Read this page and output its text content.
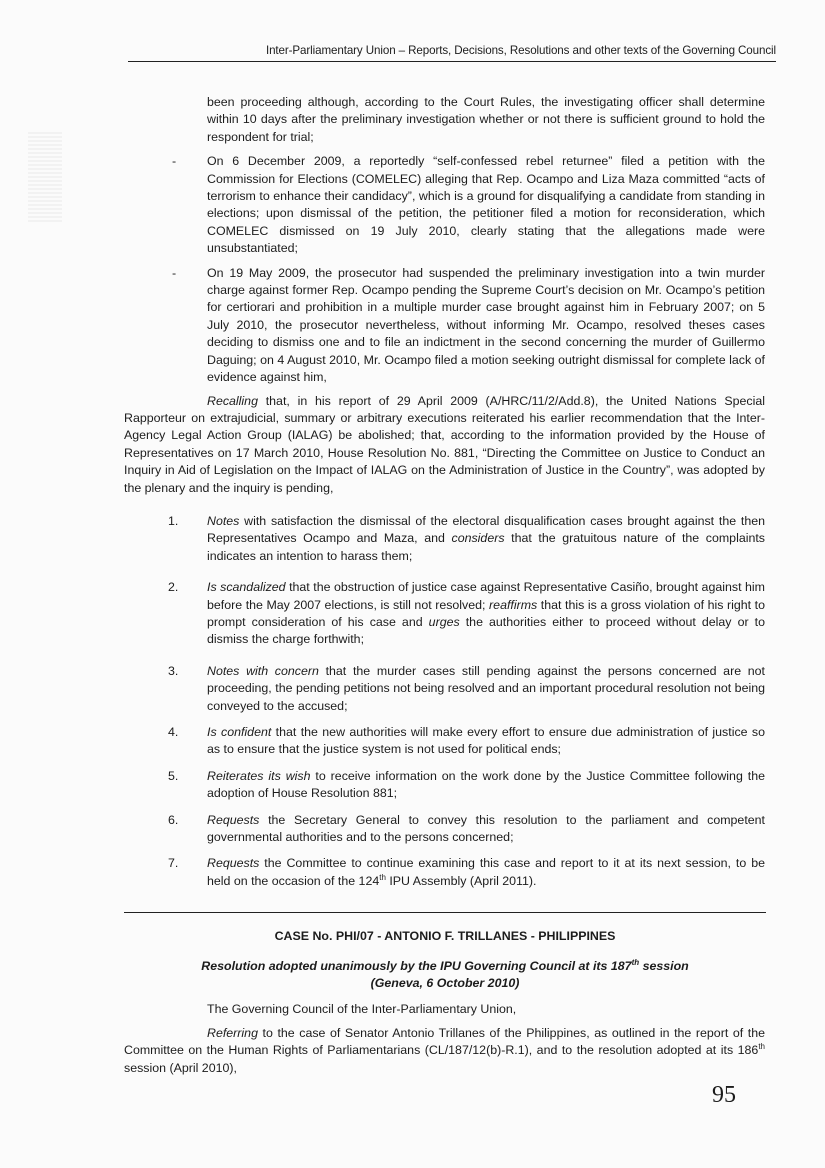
Inter-Parliamentary Union – Reports, Decisions, Resolutions and other texts of the Governing Council

been proceeding although, according to the Court Rules, the investigating officer shall determine within 10 days after the preliminary investigation whether or not there is sufficient ground to hold the respondent for trial;

- On 6 December 2009, a reportedly “self-confessed rebel returnee” filed a petition with the Commission for Elections (COMELEC) alleging that Rep. Ocampo and Liza Maza committed “acts of terrorism to enhance their candidacy”, which is a ground for disqualifying a candidate from standing in elections; upon dismissal of the petition, the petitioner filed a motion for reconsideration, which COMELEC dismissed on 19 July 2010, clearly stating that the allegations made were unsubstantiated;

- On 19 May 2009, the prosecutor had suspended the preliminary investigation into a twin murder charge against former Rep. Ocampo pending the Supreme Court’s decision on Mr. Ocampo’s petition for certiorari and prohibition in a multiple murder case brought against him in February 2007; on 5 July 2010, the prosecutor nevertheless, without informing Mr. Ocampo, resolved theses cases deciding to dismiss one and to file an indictment in the second concerning the murder of Guillermo Daguing; on 4 August 2010, Mr. Ocampo filed a motion seeking outright dismissal for complete lack of evidence against him,

Recalling that, in his report of 29 April 2009 (A/HRC/11/2/Add.8), the United Nations Special Rapporteur on extrajudicial, summary or arbitrary executions reiterated his earlier recommendation that the Inter-Agency Legal Action Group (IALAG) be abolished; that, according to the information provided by the House of Representatives on 17 March 2010, House Resolution No. 881, “Directing the Committee on Justice to Conduct an Inquiry in Aid of Legislation on the Impact of IALAG on the Administration of Justice in the Country”, was adopted by the plenary and the inquiry is pending,

1.	Notes with satisfaction the dismissal of the electoral disqualification cases brought against the then Representatives Ocampo and Maza, and considers that the gratuitous nature of the complaints indicates an intention to harass them;

2.	Is scandalized that the obstruction of justice case against Representative Casiño, brought against him before the May 2007 elections, is still not resolved; reaffirms that this is a gross violation of his right to prompt consideration of his case and urges the authorities either to proceed without delay or to dismiss the charge forthwith;

3.	Notes with concern that the murder cases still pending against the persons concerned are not proceeding, the pending petitions not being resolved and an important procedural resolution not being conveyed to the accused;

4.	Is confident that the new authorities will make every effort to ensure due administration of justice so as to ensure that the justice system is not used for political ends;

5.	Reiterates its wish to receive information on the work done by the Justice Committee following the adoption of House Resolution 881;

6.	Requests the Secretary General to convey this resolution to the parliament and competent governmental authorities and to the persons concerned;

7.	Requests the Committee to continue examining this case and report to it at its next session, to be held on the occasion of the 124th IPU Assembly (April 2011).

CASE No. PHI/07 - ANTONIO F. TRILLANES - PHILIPPINES
Resolution adopted unanimously by the IPU Governing Council at its 187th session
(Geneva, 6 October 2010)
The Governing Council of the Inter-Parliamentary Union,

Referring to the case of Senator Antonio Trillanes of the Philippines, as outlined in the report of the Committee on the Human Rights of Parliamentarians (CL/187/12(b)-R.1), and to the resolution adopted at its 186th session (April 2010),

95
